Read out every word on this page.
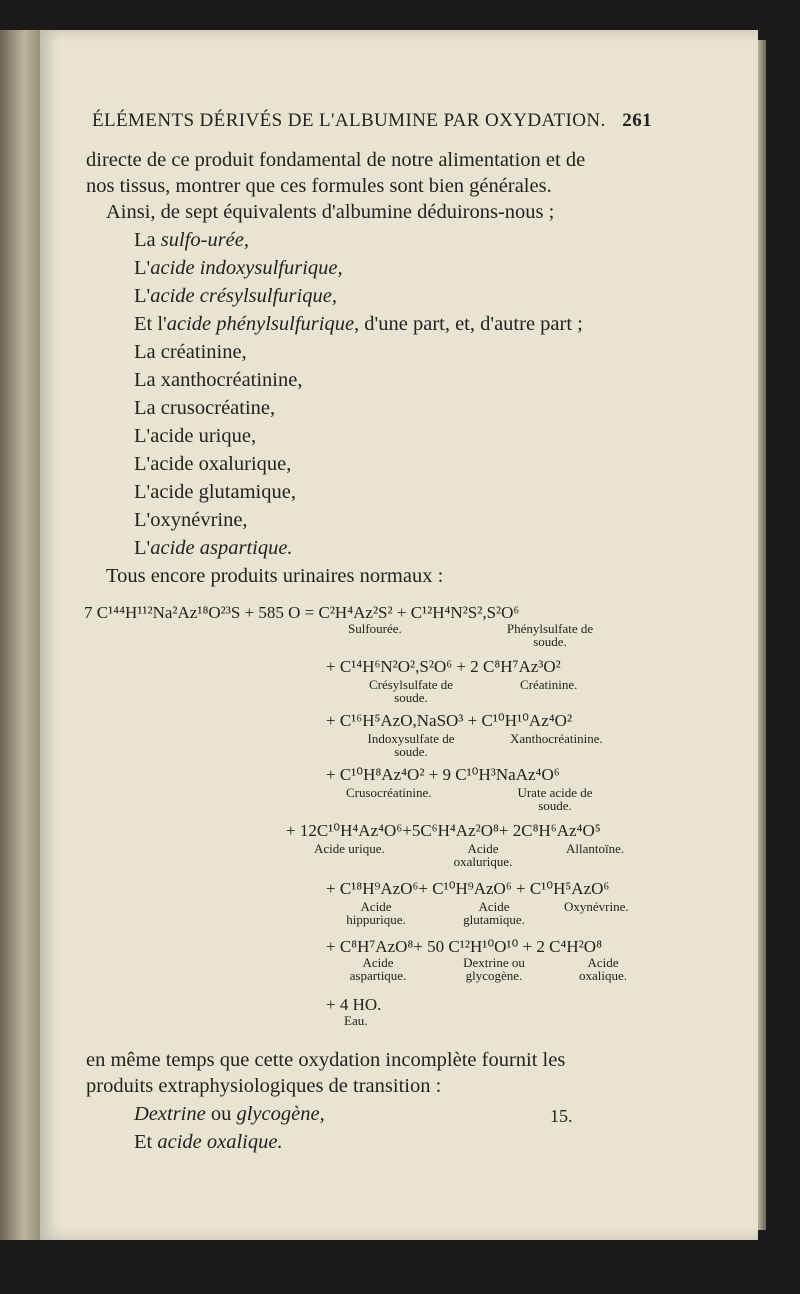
ÉLÉMENTS DÉRIVÉS DE L'ALBUMINE PAR OXYDATION. 261
directe de ce produit fondamental de notre alimentation et de
nos tissus, montrer que ces formules sont bien générales.
Ainsi, de sept équivalents d'albumine déduirons-nous ;
La sulfo-urée,
L'acide indoxysulfurique,
L'acide crésylsulfurique,
Et l'acide phénylsulfurique, d'une part, et, d'autre part ;
La créatinine,
La xanthocréatinine,
La crusocréatine,
L'acide urique,
L'acide oxalurique,
L'acide glutamique,
L'oxynévrine,
L'acide aspartique.
Tous encore produits urinaires normaux :
7 C¹⁴⁴H¹¹²Na²Az¹⁸O²³S + 585 O = C²H⁴Az²S² + C¹²H⁴N²S²,S²O⁶
Sulfourée.	Phénylsulfate de soude.
+ C¹⁴H⁶N²O²,S²O⁶ + 2 C⁸H⁷Az³O²
Crésylsulfate de soude.
Créatinine.
+ C¹⁶H⁵AzO,NaSO³ + C¹⁰H¹⁰Az⁴O²
Indoxysulfate de soude.
Xanthocréatinine.
+ C¹⁰H⁸Az⁴O² + 9 C¹⁰H³NaAz⁴O⁶
Crusocréatinine.	Urate acide de soude.
+ 12C¹⁰H⁴Az⁴O⁶+5C⁶H⁴Az²O⁸+ 2C⁸H⁶Az⁴O⁵
Acide urique.	Acide oxalurique.
Allantoïne.
+ C¹⁸H⁹AzO⁶+ C¹⁰H⁹AzO⁶ + C¹⁰H⁵AzO⁶
Acide hippurique.
Acide glutamique.
Oxynévrine.
+ C⁸H⁷AzO⁸+ 50 C¹²H¹⁰O¹⁰ + 2 C⁴H²O⁸
Acide aspartique.
Dextrine ou glycogène.
Acide oxalique.
+ 4 HO.
Eau.
en même temps que cette oxydation incomplète fournit les
produits extraphysiologiques de transition :
Dextrine ou glycogène,
Et acide oxalique.
15.
